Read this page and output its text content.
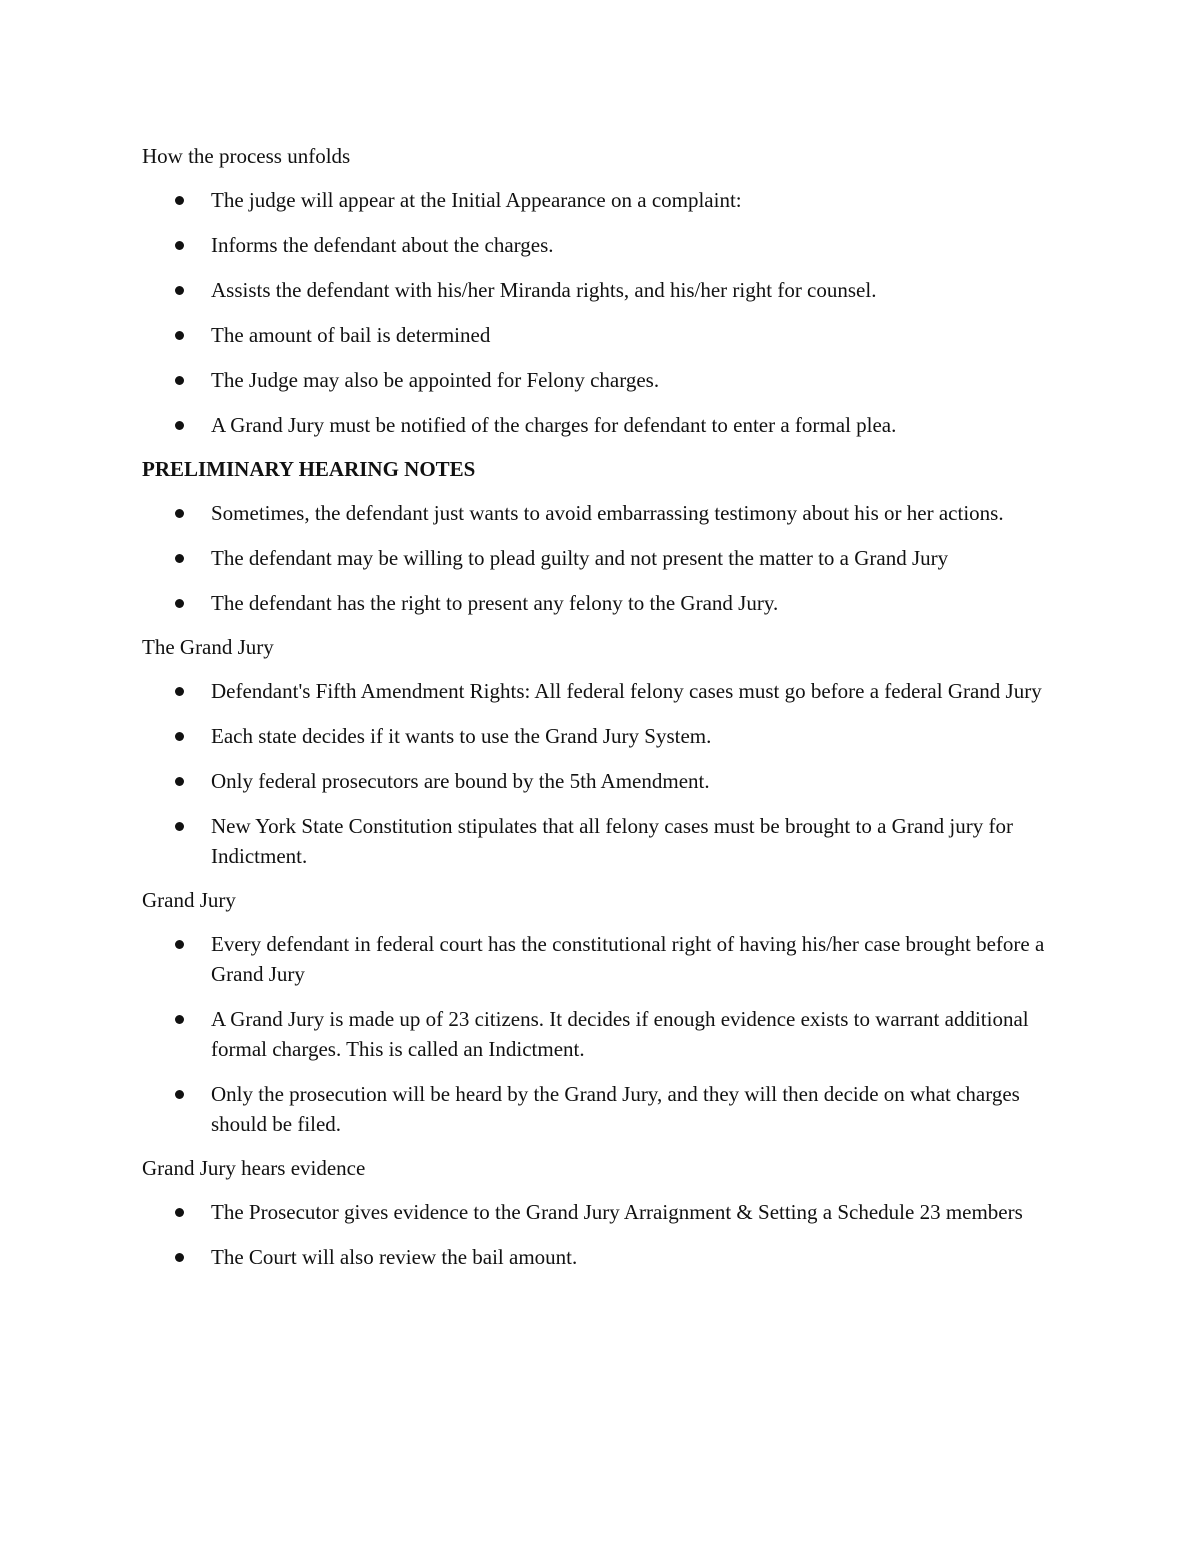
How the process unfolds

The judge will appear at the Initial Appearance on a complaint:
Informs the defendant about the charges.
Assists the defendant with his/her Miranda rights, and his/her right for counsel.
The amount of bail is determined
The Judge may also be appointed for Felony charges.
A Grand Jury must be notified of the charges for defendant to enter a formal plea.

PRELIMINARY HEARING NOTES

Sometimes, the defendant just wants to avoid embarrassing testimony about his or her actions.
The defendant may be willing to plead guilty and not present the matter to a Grand Jury
The defendant has the right to present any felony to the Grand Jury.

The Grand Jury

Defendant's Fifth Amendment Rights: All federal felony cases must go before a federal Grand Jury
Each state decides if it wants to use the Grand Jury System.
Only federal prosecutors are bound by the 5th Amendment.
New York State Constitution stipulates that all felony cases must be brought to a Grand jury for Indictment.

Grand Jury

Every defendant in federal court has the constitutional right of having his/her case brought before a Grand Jury
A Grand Jury is made up of 23 citizens. It decides if enough evidence exists to warrant additional formal charges. This is called an Indictment.
Only the prosecution will be heard by the Grand Jury, and they will then decide on what charges should be filed.

Grand Jury hears evidence

The Prosecutor gives evidence to the Grand Jury Arraignment & Setting a Schedule 23 members
The Court will also review the bail amount.
